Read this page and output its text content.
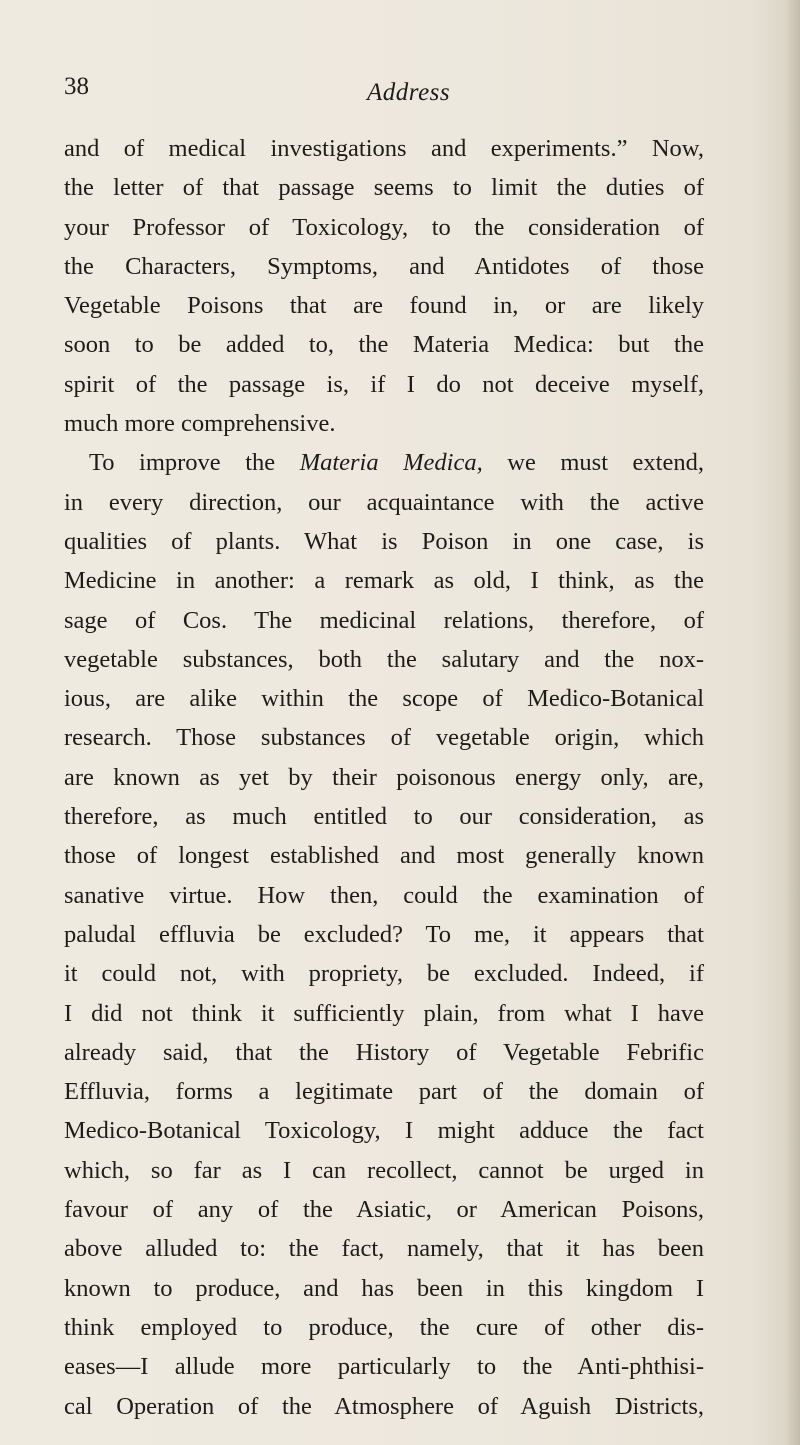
38	Address
and of medical investigations and experiments.” Now,
the letter of that passage seems to limit the duties of
your Professor of Toxicology, to the consideration of
the Characters, Symptoms, and Antidotes of those
Vegetable Poisons that are found in, or are likely
soon to be added to, the Materia Medica: but the
spirit of the passage is, if I do not deceive myself,
much more comprehensive.
To improve the Materia Medica, we must extend,
in every direction, our acquaintance with the active
qualities of plants. What is Poison in one case, is
Medicine in another: a remark as old, I think, as the
sage of Cos. The medicinal relations, therefore, of
vegetable substances, both the salutary and the nox-
ious, are alike within the scope of Medico-Botanical
research. Those substances of vegetable origin, which
are known as yet by their poisonous energy only, are,
therefore, as much entitled to our consideration, as
those of longest established and most generally known
sanative virtue. How then, could the examination of
paludal effluvia be excluded? To me, it appears that
it could not, with propriety, be excluded. Indeed, if
I did not think it sufficiently plain, from what I have
already said, that the History of Vegetable Febrific
Effluvia, forms a legitimate part of the domain of
Medico-Botanical Toxicology, I might adduce the fact
which, so far as I can recollect, cannot be urged in
favour of any of the Asiatic, or American Poisons,
above alluded to: the fact, namely, that it has been
known to produce, and has been in this kingdom I
think employed to produce, the cure of other dis-
eases—I allude more particularly to the Anti-phthisi-
cal Operation of the Atmosphere of Aguish Districts,
